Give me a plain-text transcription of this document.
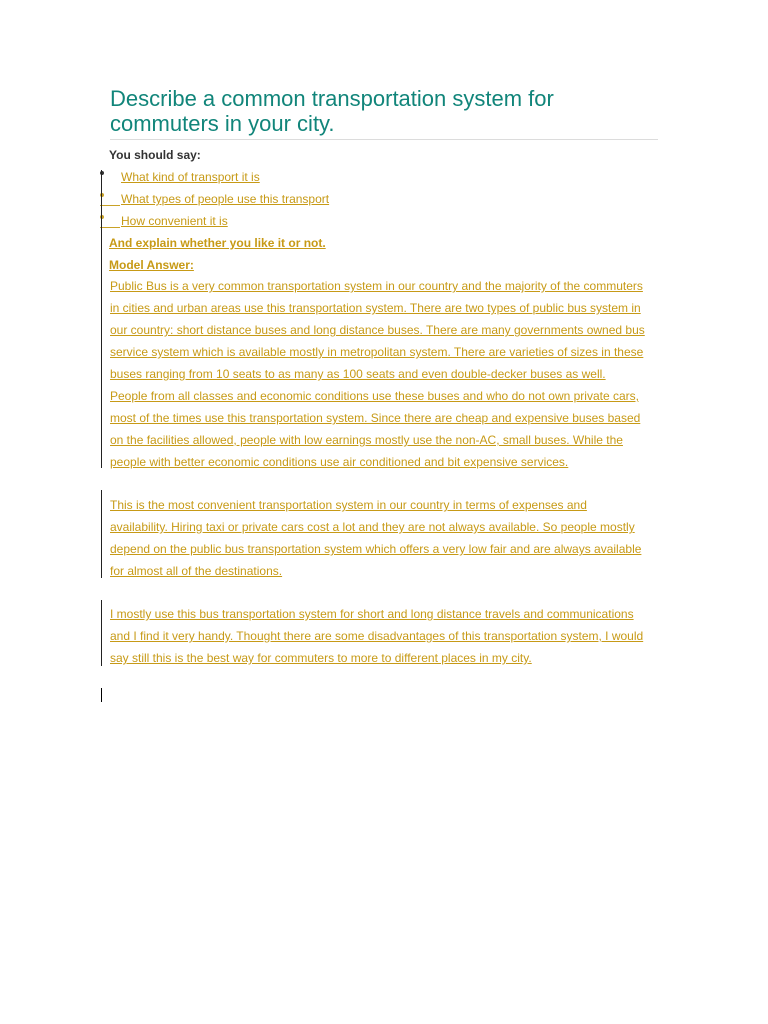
Describe a common transportation system for commuters in your city.
You should say:
What kind of transport it is
What types of people use this transport
How convenient it is
And explain whether you like it or not.
Model Answer:

Public Bus is a very common transportation system in our country and the majority of the commuters
in cities and urban areas use this transportation system. There are two types of public bus system in
our country: short distance buses and long distance buses. There are many governments owned bus
service system which is available mostly in metropolitan system. There are varieties of sizes in these
buses ranging from 10 seats to as many as 100 seats and even double-decker buses as well.
People from all classes and economic conditions use these buses and who do not own private cars,
most of the times use this transportation system. Since there are cheap and expensive buses based
on the facilities allowed, people with low earnings mostly use the non-AC, small buses. While the
people with better economic conditions use air conditioned and bit expensive services.

This is the most convenient transportation system in our country in terms of expenses and
availability. Hiring taxi or private cars cost a lot and they are not always available. So people mostly
depend on the public bus transportation system which offers a very low fair and are always available
for almost all of the destinations.

I mostly use this bus transportation system for short and long distance travels and communications
and I find it very handy. Thought there are some disadvantages of this transportation system, I would
say still this is the best way for commuters to more to different places in my city.
